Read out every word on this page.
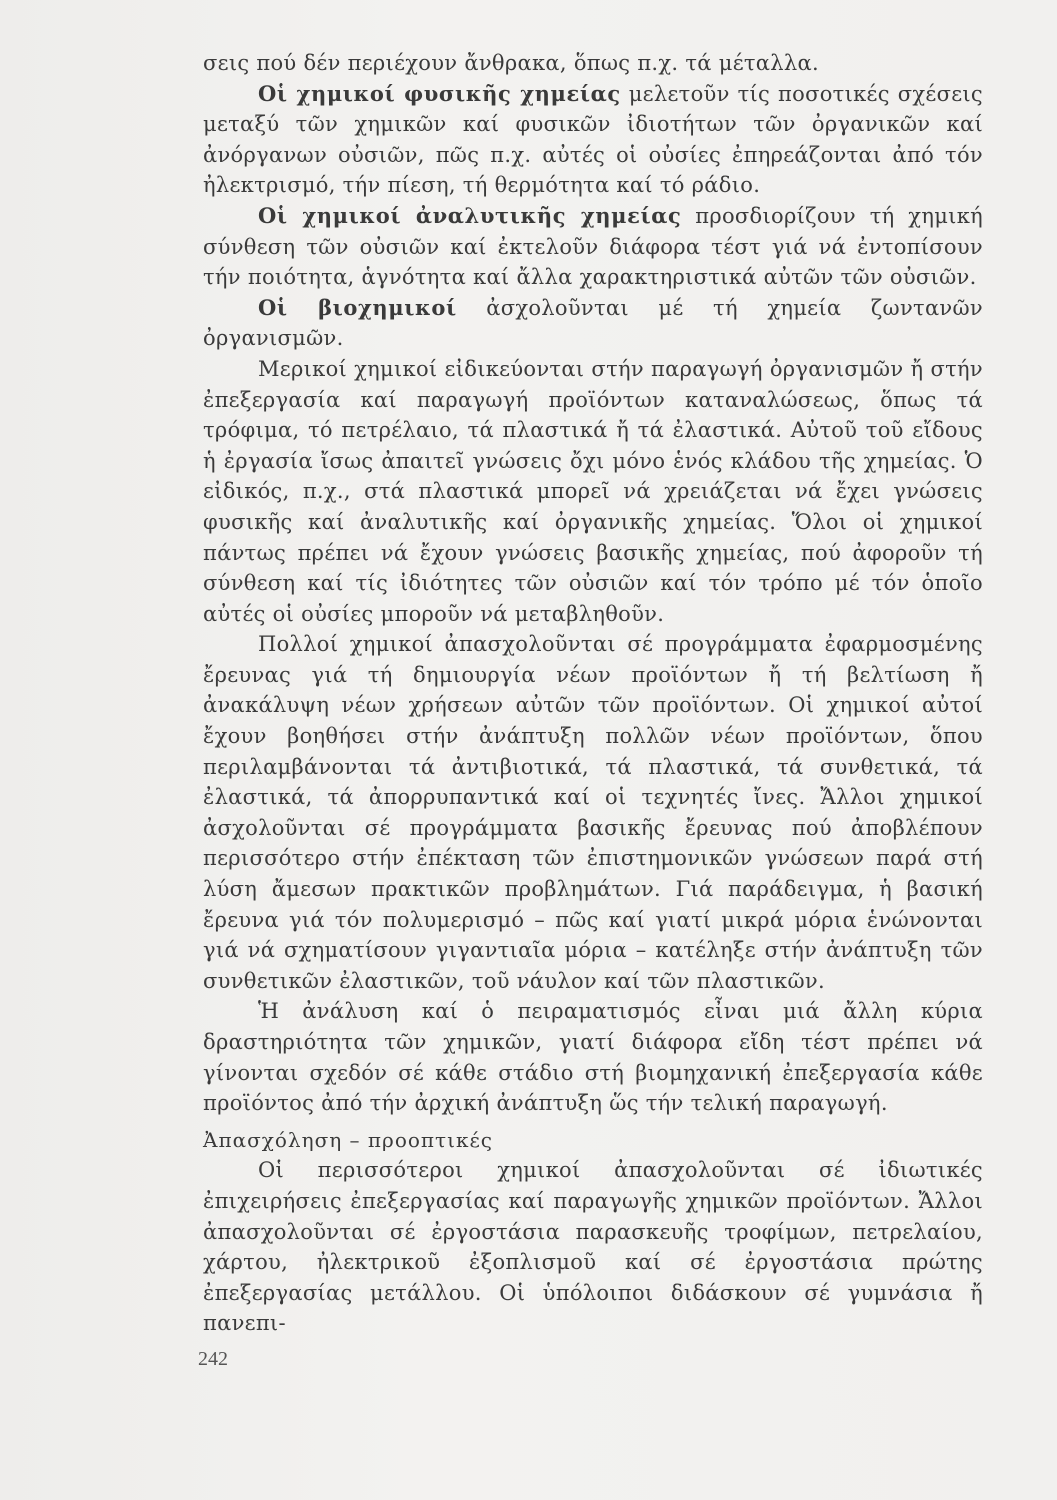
σεις πού δέν περιέχουν ἄνθρακα, ὅπως π.χ. τά μέταλλα.

Οἱ χημικοί φυσικῆς χημείας μελετοῦν τίς ποσοτικές σχέσεις μεταξύ τῶν χημικῶν καί φυσικῶν ἰδιοτήτων τῶν ὀργανικῶν καί ἀνόργανων οὐσιῶν, πῶς π.χ. αὐτές οἱ οὐσίες ἐπηρεάζονται ἀπό τόν ἠλεκτρισμό, τήν πίεση, τή θερμότητα καί τό ράδιο.

Οἱ χημικοί ἀναλυτικῆς χημείας προσδιορίζουν τή χημική σύνθεση τῶν οὐσιῶν καί ἐκτελοῦν διάφορα τέστ γιά νά ἐντοπίσουν τήν ποιότητα, ἁγνότητα καί ἄλλα χαρακτηριστικά αὐτῶν τῶν οὐσιῶν.

Οἱ βιοχημικοί ἀσχολοῦνται μέ τή χημεία ζωντανῶν ὀργανισμῶν.

Μερικοί χημικοί εἰδικεύονται στήν παραγωγή ὀργανισμῶν ἤ στήν ἐπεξεργασία καί παραγωγή προϊόντων καταναλώσεως, ὅπως τά τρόφιμα, τό πετρέλαιο, τά πλαστικά ἤ τά ἐλαστικά. Αὐτοῦ τοῦ εἴδους ἡ ἐργασία ἴσως ἀπαιτεῖ γνώσεις ὄχι μόνο ἑνός κλάδου τῆς χημείας. Ὁ εἰδικός, π.χ., στά πλαστικά μπορεῖ νά χρειάζεται νά ἔχει γνώσεις φυσικῆς καί ἀναλυτικῆς καί ὀργανικῆς χημείας. Ὅλοι οἱ χημικοί πάντως πρέπει νά ἔχουν γνώσεις βασικῆς χημείας, πού ἀφοροῦν τή σύνθεση καί τίς ἰδιότητες τῶν οὐσιῶν καί τόν τρόπο μέ τόν ὁποῖο αὐτές οἱ οὐσίες μποροῦν νά μεταβληθοῦν.

Πολλοί χημικοί ἀπασχολοῦνται σέ προγράμματα ἐφαρμοσμένης ἔρευνας γιά τή δημιουργία νέων προϊόντων ἤ τή βελτίωση ἤ ἀνακάλυψη νέων χρήσεων αὐτῶν τῶν προϊόντων. Οἱ χημικοί αὐτοί ἔχουν βοηθήσει στήν ἀνάπτυξη πολλῶν νέων προϊόντων, ὅπου περιλαμβάνονται τά ἀντιβιοτικά, τά πλαστικά, τά συνθετικά, τά ἐλαστικά, τά ἀπορρυπαντικά καί οἱ τεχνητές ἴνες. Ἄλλοι χημικοί ἀσχολοῦνται σέ προγράμματα βασικῆς ἔρευνας πού ἀποβλέπουν περισσότερο στήν ἐπέκταση τῶν ἐπιστημονικῶν γνώσεων παρά στή λύση ἄμεσων πρακτικῶν προβλημάτων. Γιά παράδειγμα, ἡ βασική ἔρευνα γιά τόν πολυμερισμό – πῶς καί γιατί μικρά μόρια ἑνώνονται γιά νά σχηματίσουν γιγαντιαῖα μόρια – κατέληξε στήν ἀνάπτυξη τῶν συνθετικῶν ἐλαστικῶν, τοῦ νάυλον καί τῶν πλαστικῶν.

Ἡ ἀνάλυση καί ὁ πειραματισμός εἶναι μιά ἄλλη κύρια δραστηριότητα τῶν χημικῶν, γιατί διάφορα εἴδη τέστ πρέπει νά γίνονται σχεδόν σέ κάθε στάδιο στή βιομηχανική ἐπεξεργασία κάθε προϊόντος ἀπό τήν ἀρχική ἀνάπτυξη ὥς τήν τελική παραγωγή.

Ἀπασχόληση – προοπτικές

Οἱ περισσότεροι χημικοί ἀπασχολοῦνται σέ ἰδιωτικές ἐπιχειρήσεις ἐπεξεργασίας καί παραγωγῆς χημικῶν προϊόντων. Ἄλλοι ἀπασχολοῦνται σέ ἐργοστάσια παρασκευῆς τροφίμων, πετρελαίου, χάρτου, ἠλεκτρικοῦ ἐξοπλισμοῦ καί σέ ἐργοστάσια πρώτης ἐπεξεργασίας μετάλλου. Οἱ ὑπόλοιποι διδάσκουν σέ γυμνάσια ἤ πανεπι-

242
